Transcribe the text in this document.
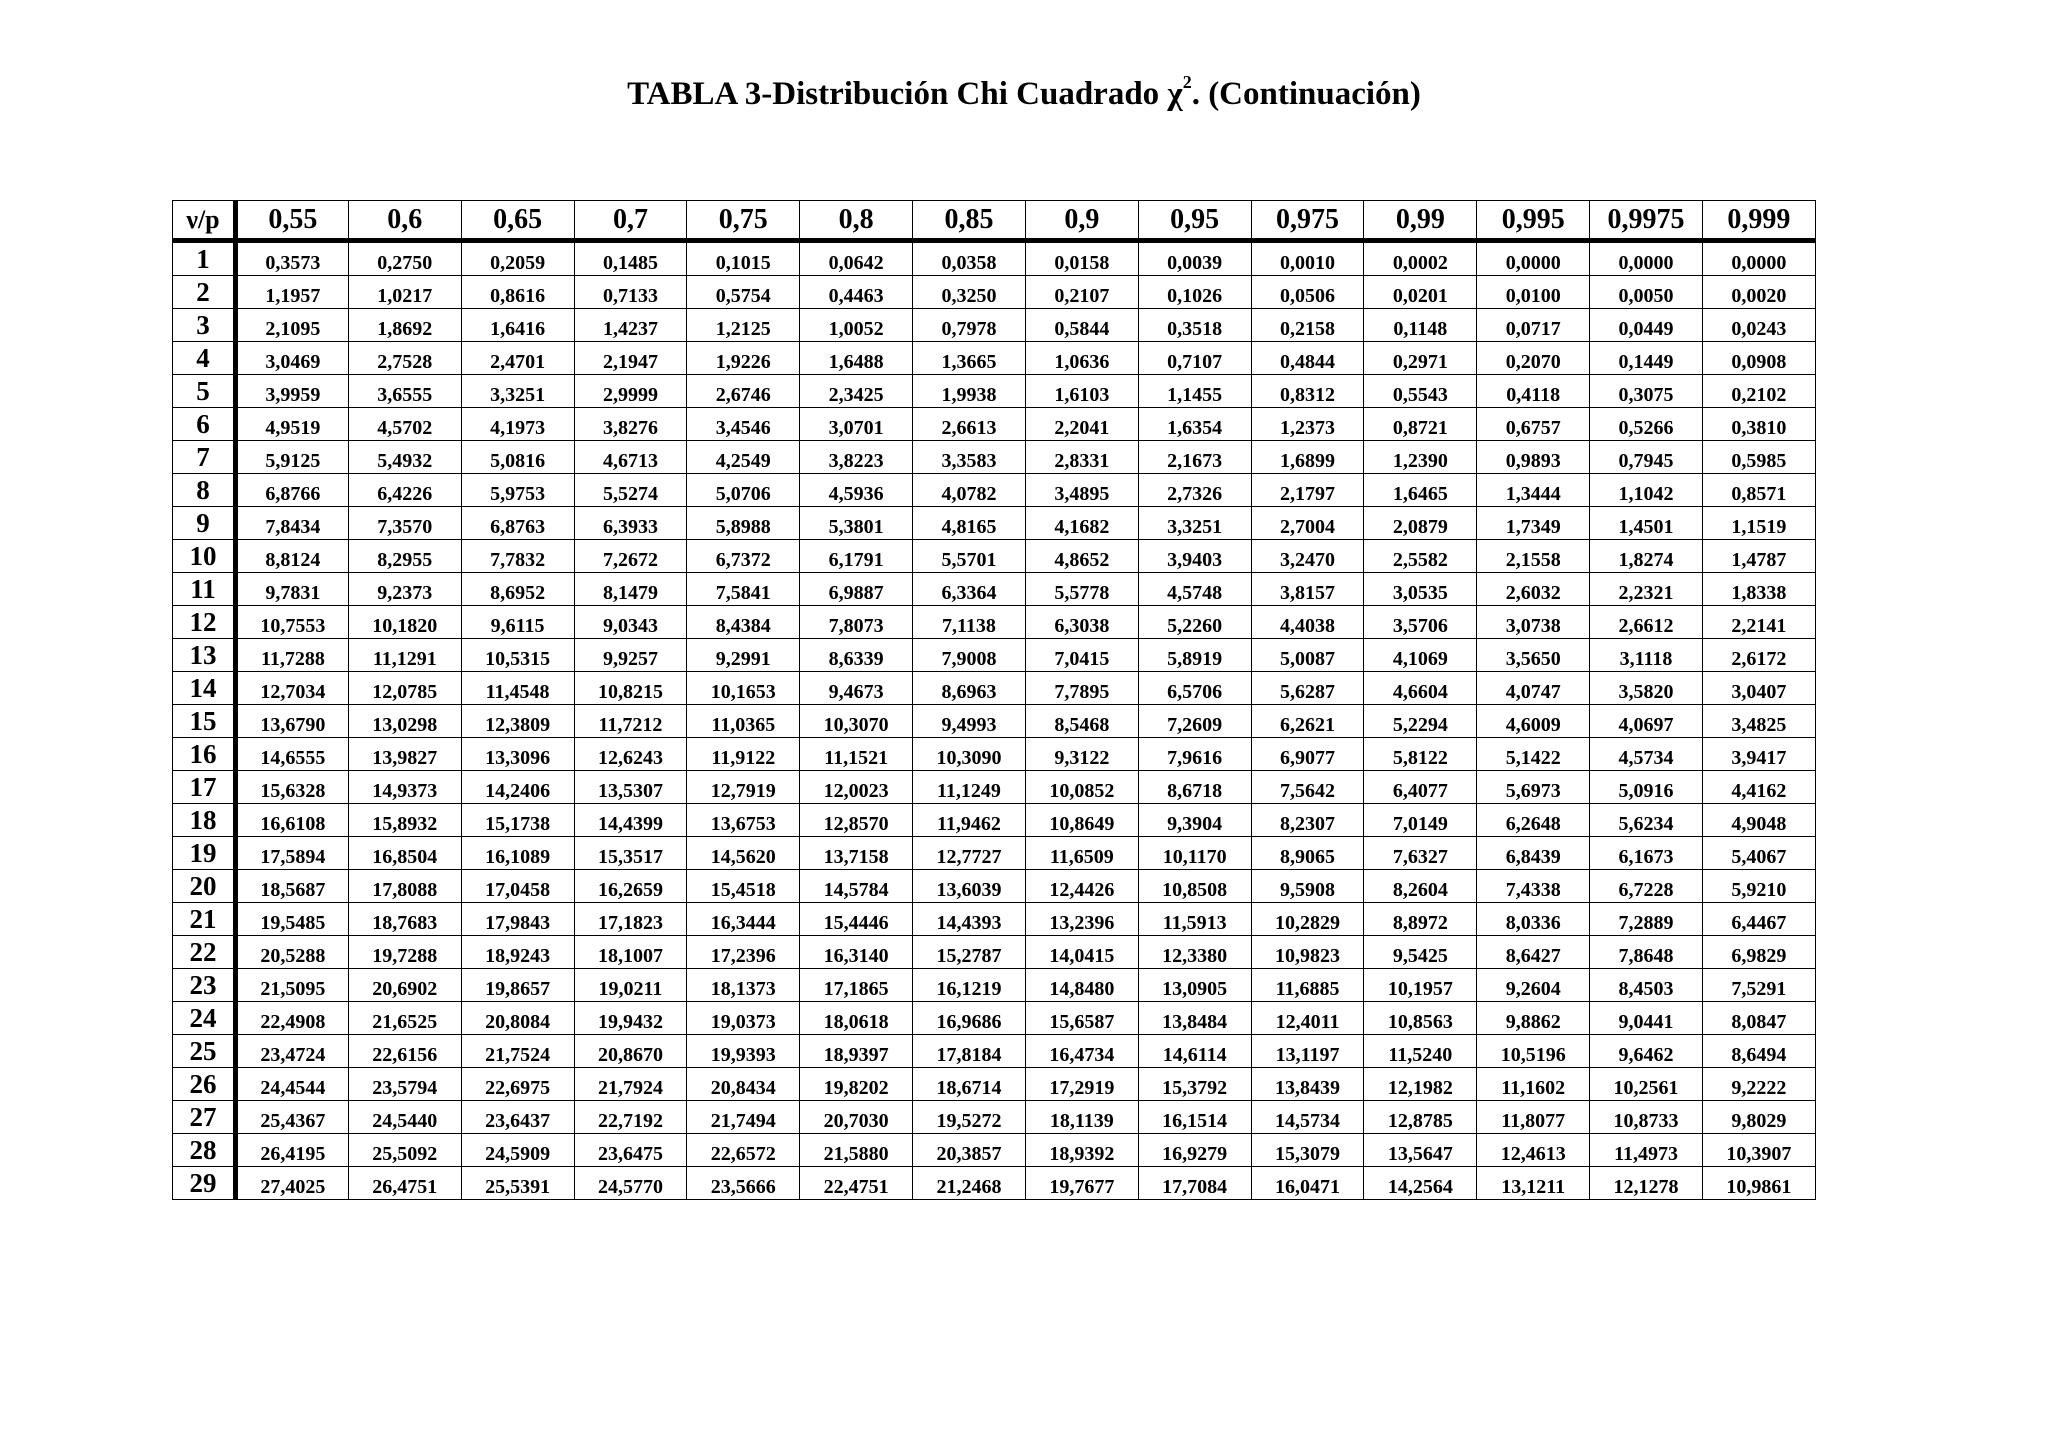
TABLA 3-Distribución Chi Cuadrado $\chi^2$. (Continuación)
ν/p	0,55	0,6	0,65	0,7	0,75	0,8	0,85	0,9	0,95	0,975	0,99	0,995	0,9975	0,999
1	0,3573	0,2750	0,2059	0,1485	0,1015	0,0642	0,0358	0,0158	0,0039	0,0010	0,0002	0,0000	0,0000	0,0000
2	1,1957	1,0217	0,8616	0,7133	0,5754	0,4463	0,3250	0,2107	0,1026	0,0506	0,0201	0,0100	0,0050	0,0020
3	2,1095	1,8692	1,6416	1,4237	1,2125	1,0052	0,7978	0,5844	0,3518	0,2158	0,1148	0,0717	0,0449	0,0243
4	3,0469	2,7528	2,4701	2,1947	1,9226	1,6488	1,3665	1,0636	0,7107	0,4844	0,2971	0,2070	0,1449	0,0908
5	3,9959	3,6555	3,3251	2,9999	2,6746	2,3425	1,9938	1,6103	1,1455	0,8312	0,5543	0,4118	0,3075	0,2102
6	4,9519	4,5702	4,1973	3,8276	3,4546	3,0701	2,6613	2,2041	1,6354	1,2373	0,8721	0,6757	0,5266	0,3810
7	5,9125	5,4932	5,0816	4,6713	4,2549	3,8223	3,3583	2,8331	2,1673	1,6899	1,2390	0,9893	0,7945	0,5985
8	6,8766	6,4226	5,9753	5,5274	5,0706	4,5936	4,0782	3,4895	2,7326	2,1797	1,6465	1,3444	1,1042	0,8571
9	7,8434	7,3570	6,8763	6,3933	5,8988	5,3801	4,8165	4,1682	3,3251	2,7004	2,0879	1,7349	1,4501	1,1519
10	8,8124	8,2955	7,7832	7,2672	6,7372	6,1791	5,5701	4,8652	3,9403	3,2470	2,5582	2,1558	1,8274	1,4787
11	9,7831	9,2373	8,6952	8,1479	7,5841	6,9887	6,3364	5,5778	4,5748	3,8157	3,0535	2,6032	2,2321	1,8338
12	10,7553	10,1820	9,6115	9,0343	8,4384	7,8073	7,1138	6,3038	5,2260	4,4038	3,5706	3,0738	2,6612	2,2141
13	11,7288	11,1291	10,5315	9,9257	9,2991	8,6339	7,9008	7,0415	5,8919	5,0087	4,1069	3,5650	3,1118	2,6172
14	12,7034	12,0785	11,4548	10,8215	10,1653	9,4673	8,6963	7,7895	6,5706	5,6287	4,6604	4,0747	3,5820	3,0407
15	13,6790	13,0298	12,3809	11,7212	11,0365	10,3070	9,4993	8,5468	7,2609	6,2621	5,2294	4,6009	4,0697	3,4825
16	14,6555	13,9827	13,3096	12,6243	11,9122	11,1521	10,3090	9,3122	7,9616	6,9077	5,8122	5,1422	4,5734	3,9417
17	15,6328	14,9373	14,2406	13,5307	12,7919	12,0023	11,1249	10,0852	8,6718	7,5642	6,4077	5,6973	5,0916	4,4162
18	16,6108	15,8932	15,1738	14,4399	13,6753	12,8570	11,9462	10,8649	9,3904	8,2307	7,0149	6,2648	5,6234	4,9048
19	17,5894	16,8504	16,1089	15,3517	14,5620	13,7158	12,7727	11,6509	10,1170	8,9065	7,6327	6,8439	6,1673	5,4067
20	18,5687	17,8088	17,0458	16,2659	15,4518	14,5784	13,6039	12,4426	10,8508	9,5908	8,2604	7,4338	6,7228	5,9210
21	19,5485	18,7683	17,9843	17,1823	16,3444	15,4446	14,4393	13,2396	11,5913	10,2829	8,8972	8,0336	7,2889	6,4467
22	20,5288	19,7288	18,9243	18,1007	17,2396	16,3140	15,2787	14,0415	12,3380	10,9823	9,5425	8,6427	7,8648	6,9829
23	21,5095	20,6902	19,8657	19,0211	18,1373	17,1865	16,1219	14,8480	13,0905	11,6885	10,1957	9,2604	8,4503	7,5291
24	22,4908	21,6525	20,8084	19,9432	19,0373	18,0618	16,9686	15,6587	13,8484	12,4011	10,8563	9,8862	9,0441	8,0847
25	23,4724	22,6156	21,7524	20,8670	19,9393	18,9397	17,8184	16,4734	14,6114	13,1197	11,5240	10,5196	9,6462	8,6494
26	24,4544	23,5794	22,6975	21,7924	20,8434	19,8202	18,6714	17,2919	15,3792	13,8439	12,1982	11,1602	10,2561	9,2222
27	25,4367	24,5440	23,6437	22,7192	21,7494	20,7030	19,5272	18,1139	16,1514	14,5734	12,8785	11,8077	10,8733	9,8029
28	26,4195	25,5092	24,5909	23,6475	22,6572	21,5880	20,3857	18,9392	16,9279	15,3079	13,5647	12,4613	11,4973	10,3907
29	27,4025	26,4751	25,5391	24,5770	23,5666	22,4751	21,2468	19,7677	17,7084	16,0471	14,2564	13,1211	12,1278	10,9861
